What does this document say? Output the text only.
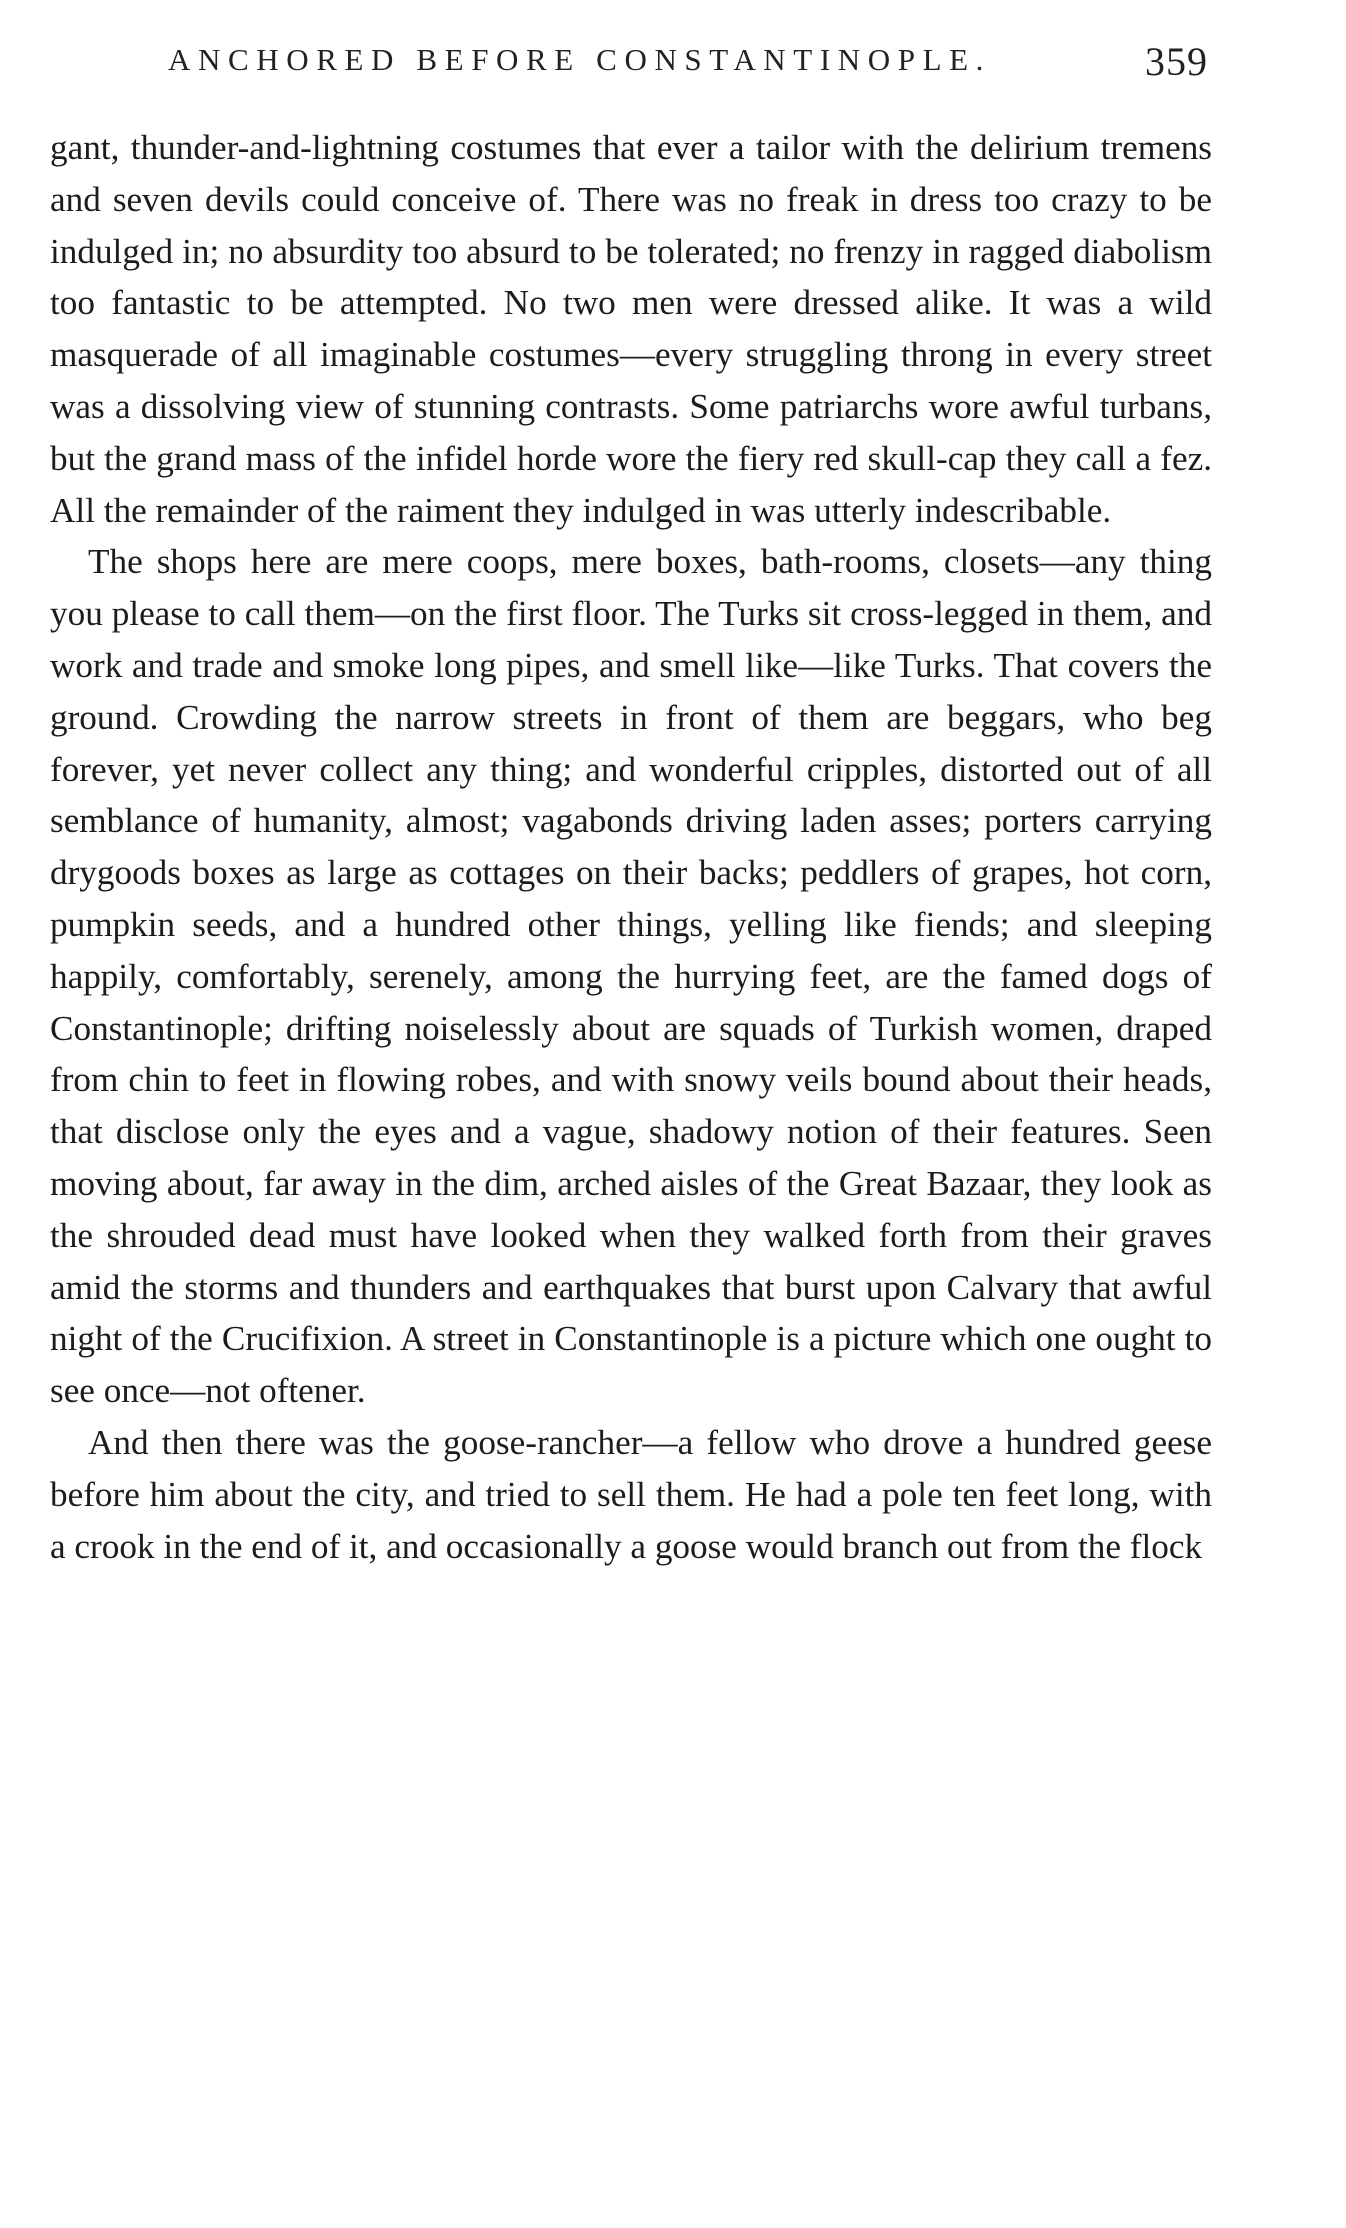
ANCHORED BEFORE CONSTANTINOPLE.	359

gant, thunder-and-lightning costumes that ever a tailor with the delirium tremens and seven devils could conceive of. There was no freak in dress too crazy to be indulged in; no absurdity too absurd to be tolerated; no frenzy in ragged diabolism too fantastic to be attempted. No two men were dressed alike. It was a wild masquerade of all imaginable costumes—every struggling throng in every street was a dissolving view of stunning contrasts. Some patriarchs wore awful turbans, but the grand mass of the infidel horde wore the fiery red skull-cap they call a fez. All the remainder of the raiment they indulged in was utterly indescribable.

The shops here are mere coops, mere boxes, bath-rooms, closets—any thing you please to call them—on the first floor. The Turks sit cross-legged in them, and work and trade and smoke long pipes, and smell like—like Turks. That covers the ground. Crowding the narrow streets in front of them are beggars, who beg forever, yet never collect any thing; and wonderful cripples, distorted out of all semblance of humanity, almost; vagabonds driving laden asses; porters carrying drygoods boxes as large as cottages on their backs; peddlers of grapes, hot corn, pumpkin seeds, and a hundred other things, yelling like fiends; and sleeping happily, comfortably, serenely, among the hurrying feet, are the famed dogs of Constantinople; drifting noiselessly about are squads of Turkish women, draped from chin to feet in flowing robes, and with snowy veils bound about their heads, that disclose only the eyes and a vague, shadowy notion of their features. Seen moving about, far away in the dim, arched aisles of the Great Bazaar, they look as the shrouded dead must have looked when they walked forth from their graves amid the storms and thunders and earthquakes that burst upon Calvary that awful night of the Crucifixion. A street in Constantinople is a picture which one ought to see once—not oftener.

And then there was the goose-rancher—a fellow who drove a hundred geese before him about the city, and tried to sell them. He had a pole ten feet long, with a crook in the end of it, and occasionally a goose would branch out from the flock
